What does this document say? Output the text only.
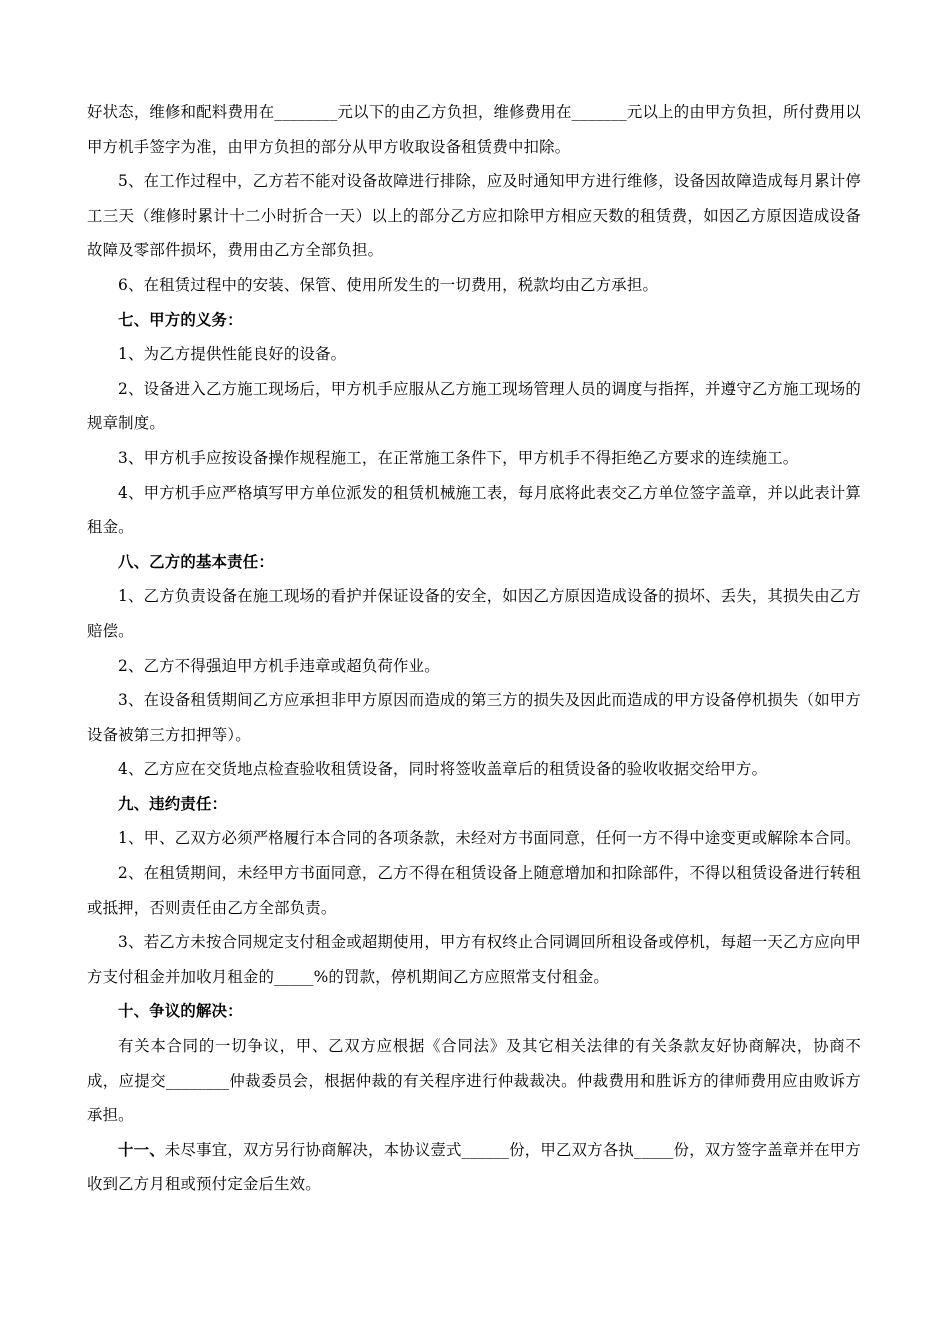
好状态，维修和配料费用在________元以下的由乙方负担，维修费用在_______元以上的由甲方负担，所付费用以甲方机手签字为准，由甲方负担的部分从甲方收取设备租赁费中扣除。

5、在工作过程中，乙方若不能对设备故障进行排除，应及时通知甲方进行维修，设备因故障造成每月累计停工三天（维修时累计十二小时折合一天）以上的部分乙方应扣除甲方相应天数的租赁费，如因乙方原因造成设备故障及零部件损坏，费用由乙方全部负担。

6、在租赁过程中的安装、保管、使用所发生的一切费用，税款均由乙方承担。

七、甲方的义务：

1、为乙方提供性能良好的设备。

2、设备进入乙方施工现场后，甲方机手应服从乙方施工现场管理人员的调度与指挥，并遵守乙方施工现场的规章制度。

3、甲方机手应按设备操作规程施工，在正常施工条件下，甲方机手不得拒绝乙方要求的连续施工。

4、甲方机手应严格填写甲方单位派发的租赁机械施工表，每月底将此表交乙方单位签字盖章，并以此表计算租金。

八、乙方的基本责任：

1、乙方负责设备在施工现场的看护并保证设备的安全，如因乙方原因造成设备的损坏、丢失，其损失由乙方赔偿。

2、乙方不得强迫甲方机手违章或超负荷作业。

3、在设备租赁期间乙方应承担非甲方原因而造成的第三方的损失及因此而造成的甲方设备停机损失（如甲方设备被第三方扣押等）。

4、乙方应在交货地点检查验收租赁设备，同时将签收盖章后的租赁设备的验收收据交给甲方。

九、违约责任：

1、甲、乙双方必须严格履行本合同的各项条款，未经对方书面同意，任何一方不得中途变更或解除本合同。

2、在租赁期间，未经甲方书面同意，乙方不得在租赁设备上随意增加和扣除部件，不得以租赁设备进行转租或抵押，否则责任由乙方全部负责。

3、若乙方未按合同规定支付租金或超期使用，甲方有权终止合同调回所租设备或停机，每超一天乙方应向甲方支付租金并加收月租金的_____%的罚款，停机期间乙方应照常支付租金。

十、争议的解决：

有关本合同的一切争议，甲、乙双方应根据《合同法》及其它相关法律的有关条款友好协商解决，协商不成，应提交________仲裁委员会，根据仲裁的有关程序进行仲裁裁决。仲裁费用和胜诉方的律师费用应由败诉方承担。

十一、未尽事宜，双方另行协商解决，本协议壹式______份，甲乙双方各执_____份，双方签字盖章并在甲方收到乙方月租或预付定金后生效。
